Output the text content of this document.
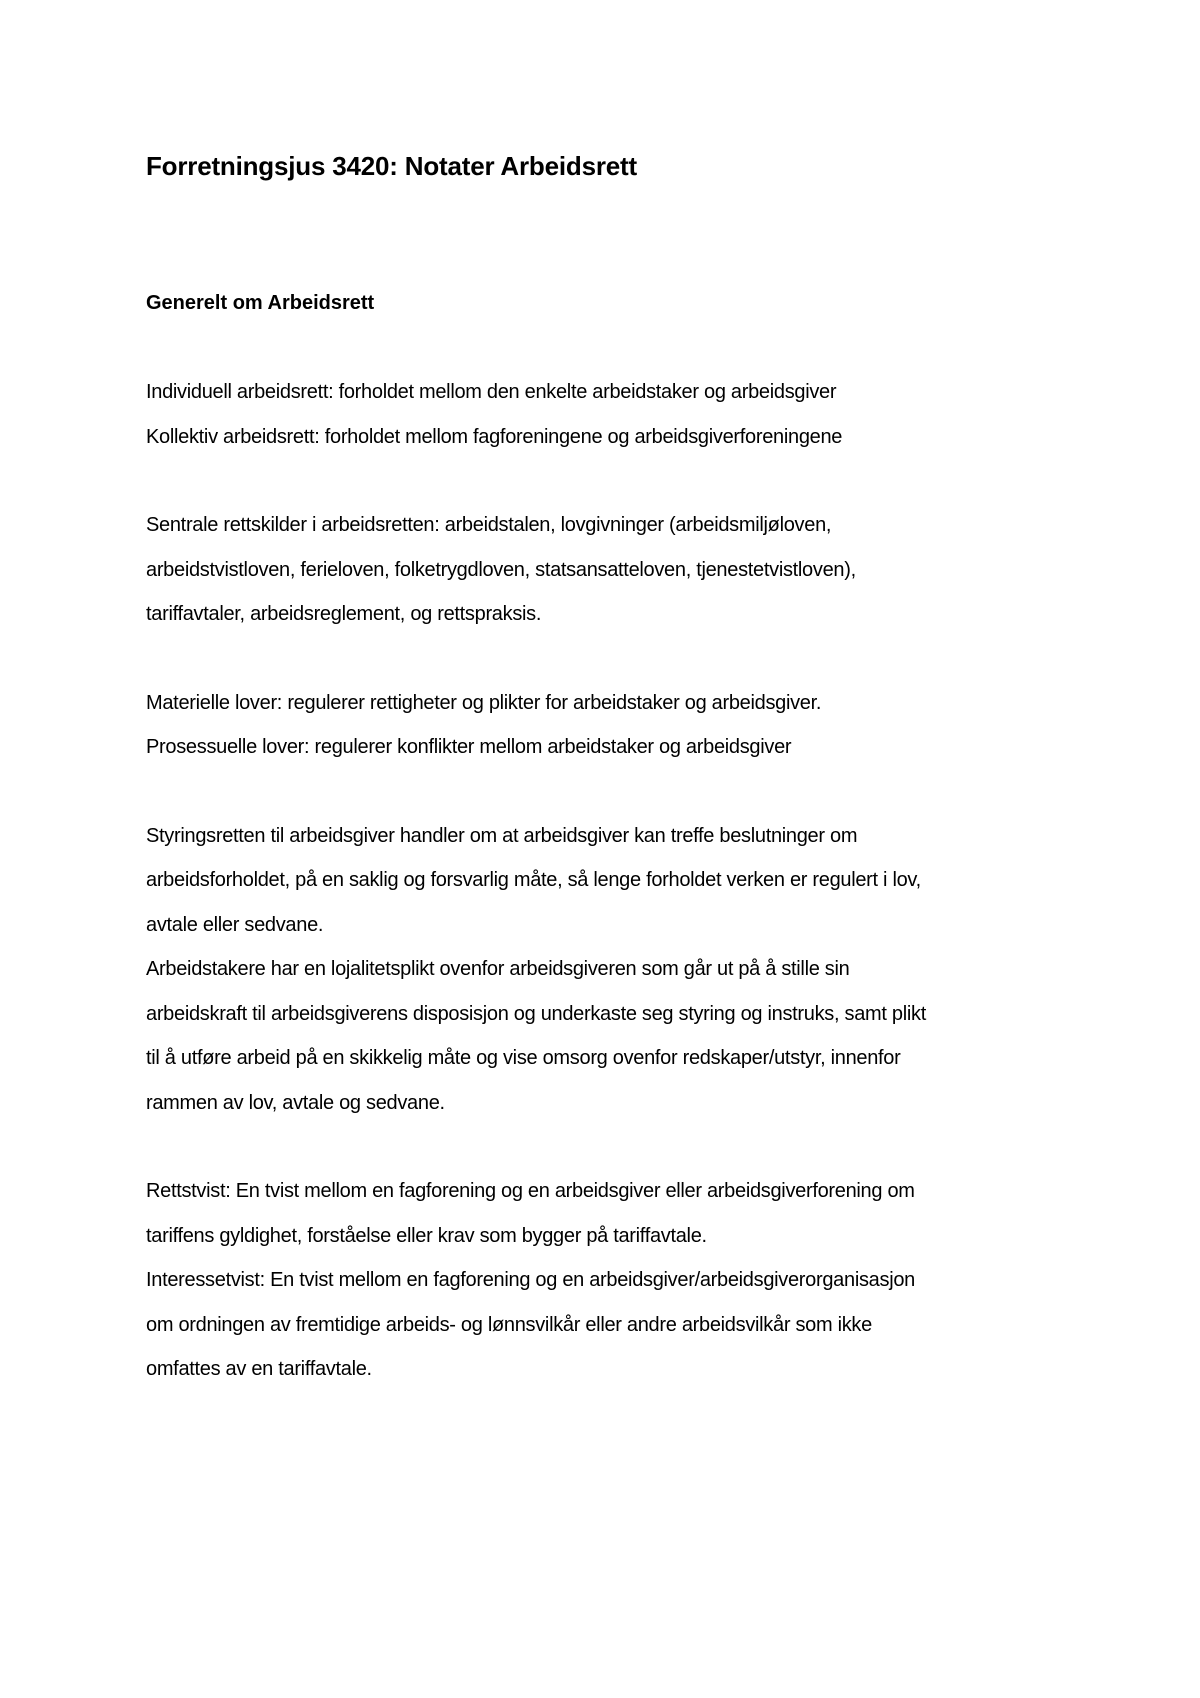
Forretningsjus 3420: Notater Arbeidsrett
Generelt om Arbeidsrett

Individuell arbeidsrett: forholdet mellom den enkelte arbeidstaker og arbeidsgiver

Kollektiv arbeidsrett: forholdet mellom fagforeningene og arbeidsgiverforeningene

Sentrale rettskilder i arbeidsretten: arbeidstalen, lovgivninger (arbeidsmiljøloven,

arbeidstvistloven, ferieloven, folketrygdloven, statsansatteloven, tjenestetvistloven),

tariffavtaler, arbeidsreglement, og rettspraksis.

Materielle lover: regulerer rettigheter og plikter for arbeidstaker og arbeidsgiver.

Prosessuelle lover: regulerer konflikter mellom arbeidstaker og arbeidsgiver

Styringsretten til arbeidsgiver handler om at arbeidsgiver kan treffe beslutninger om

arbeidsforholdet, på en saklig og forsvarlig måte, så lenge forholdet verken er regulert i lov,

avtale eller sedvane.

Arbeidstakere har en lojalitetsplikt ovenfor arbeidsgiveren som går ut på å stille sin

arbeidskraft til arbeidsgiverens disposisjon og underkaste seg styring og instruks, samt plikt

til å utføre arbeid på en skikkelig måte og vise omsorg ovenfor redskaper/utstyr, innenfor

rammen av lov, avtale og sedvane.

Rettstvist: En tvist mellom en fagforening og en arbeidsgiver eller arbeidsgiverforening om

tariffens gyldighet, forståelse eller krav som bygger på tariffavtale.

Interessetvist: En tvist mellom en fagforening og en arbeidsgiver/arbeidsgiverorganisasjon

om ordningen av fremtidige arbeids- og lønnsvilkår eller andre arbeidsvilkår som ikke

omfattes av en tariffavtale.
